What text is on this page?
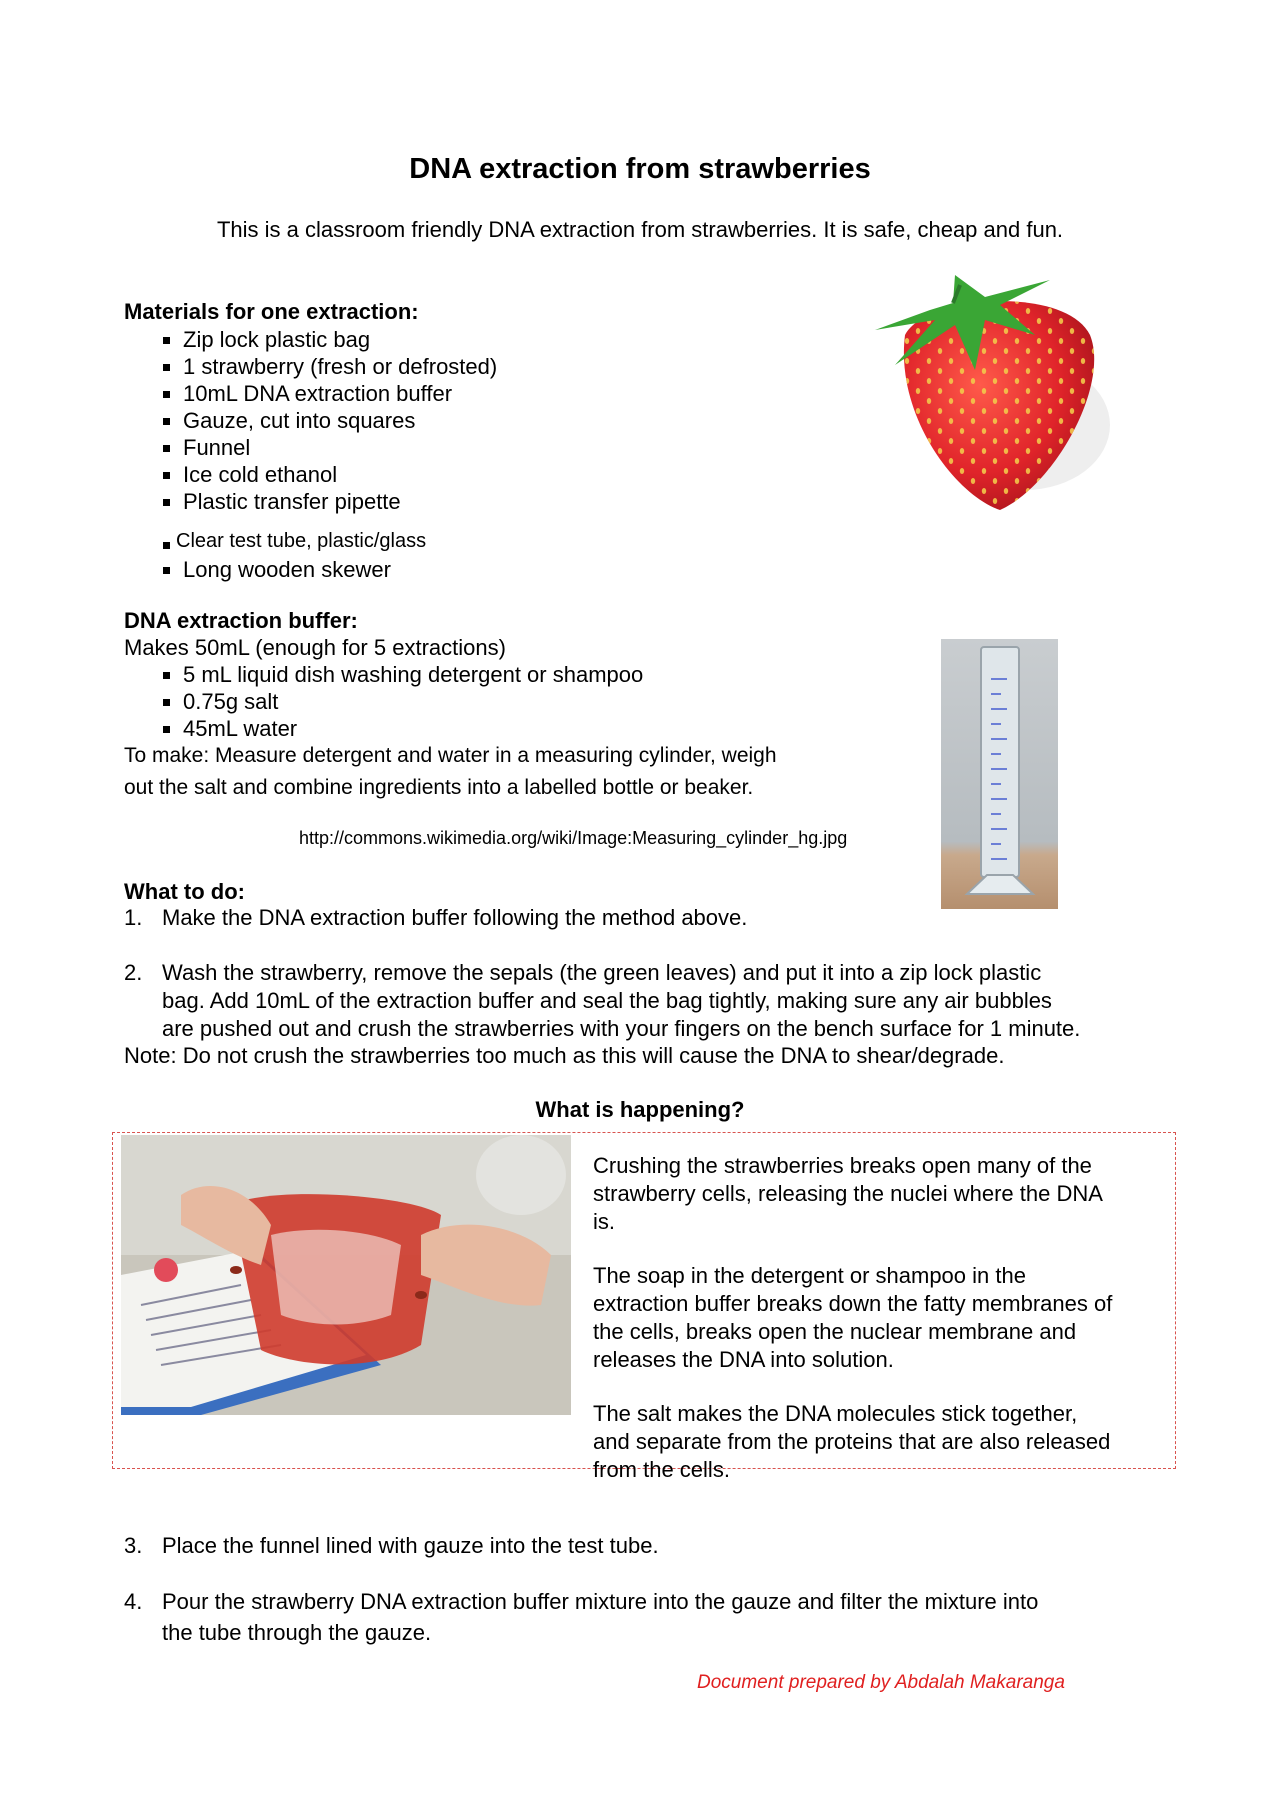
DNA extraction from strawberries
This is a classroom friendly DNA extraction from strawberries. It is safe, cheap and fun.
Materials for one extraction:
Zip lock plastic bag
1 strawberry (fresh or defrosted)
10mL DNA extraction buffer
Gauze, cut into squares
Funnel
Ice cold ethanol
Plastic transfer pipette
Clear test tube, plastic/glass
Long wooden skewer
DNA extraction buffer:
Makes 50mL (enough for 5 extractions)
5 mL liquid dish washing detergent or shampoo
0.75g salt
45mL water
To make: Measure detergent and water in a measuring cylinder, weigh
out the salt and combine ingredients into a labelled bottle or beaker.
http://commons.wikimedia.org/wiki/Image:Measuring_cylinder_hg.jpg
What to do:
1. Make the DNA extraction buffer following the method above.
2. Wash the strawberry, remove the sepals (the green leaves) and put it into a zip lock plastic
bag. Add 10mL of the extraction buffer and seal the bag tightly, making sure any air bubbles
are pushed out and crush the strawberries with your fingers on the bench surface for 1 minute.
Note: Do not crush the strawberries too much as this will cause the DNA to shear/degrade.
What is happening?
Crushing the strawberries breaks open many of the
strawberry cells, releasing the nuclei where the DNA
is.
The soap in the detergent or shampoo in the
extraction buffer breaks down the fatty membranes of
the cells, breaks open the nuclear membrane and
releases the DNA into solution.
The salt makes the DNA molecules stick together,
and separate from the proteins that are also released
from the cells.
3. Place the funnel lined with gauze into the test tube.
4. Pour the strawberry DNA extraction buffer mixture into the gauze and filter the mixture into
the tube through the gauze.
Document prepared by Abdalah Makaranga
